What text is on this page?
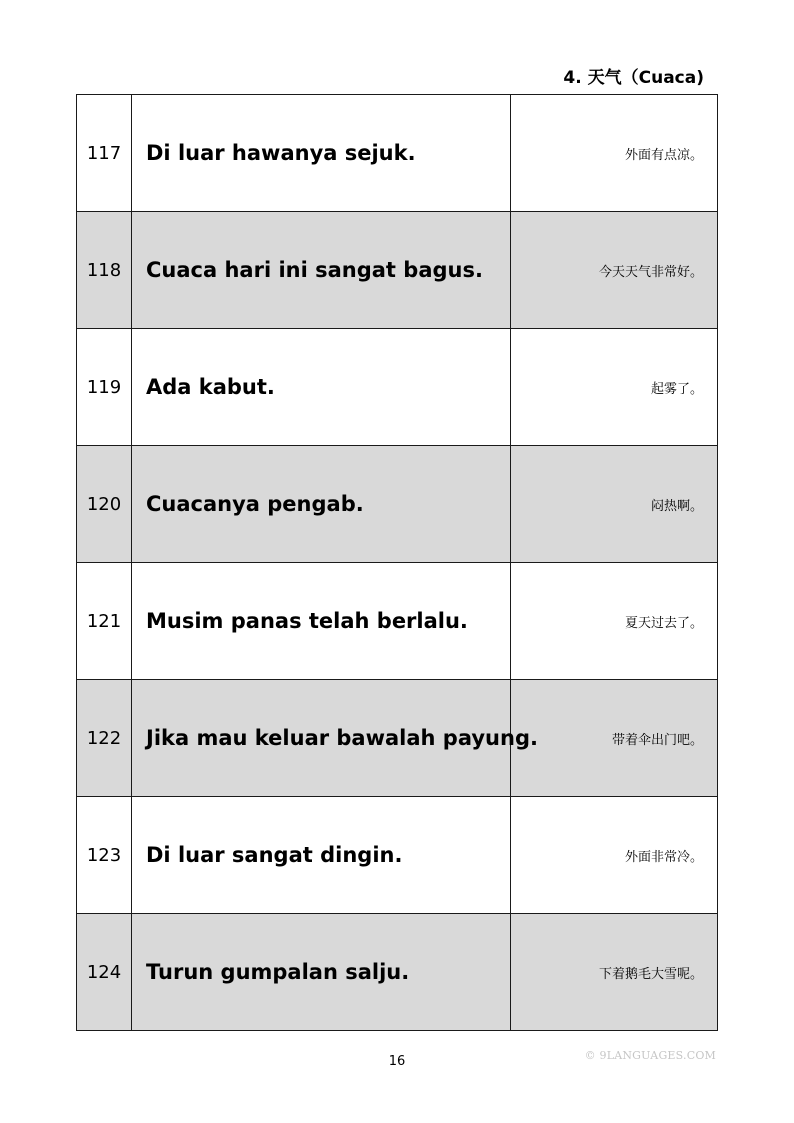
4. 天气（Cuaca)
117	Di luar hawanya sejuk.	外面有点凉。
118	Cuaca hari ini sangat bagus.	今天天气非常好。
119	Ada kabut.	起雾了。
120	Cuacanya pengab.	闷热啊。
121	Musim panas telah berlalu.	夏天过去了。
122	Jika mau keluar bawalah payung.	带着伞出门吧。
123	Di luar sangat dingin.	外面非常冷。
124	Turun gumpalan salju.	下着鹅毛大雪呢。
16	© 9LANGUAGES.COM
